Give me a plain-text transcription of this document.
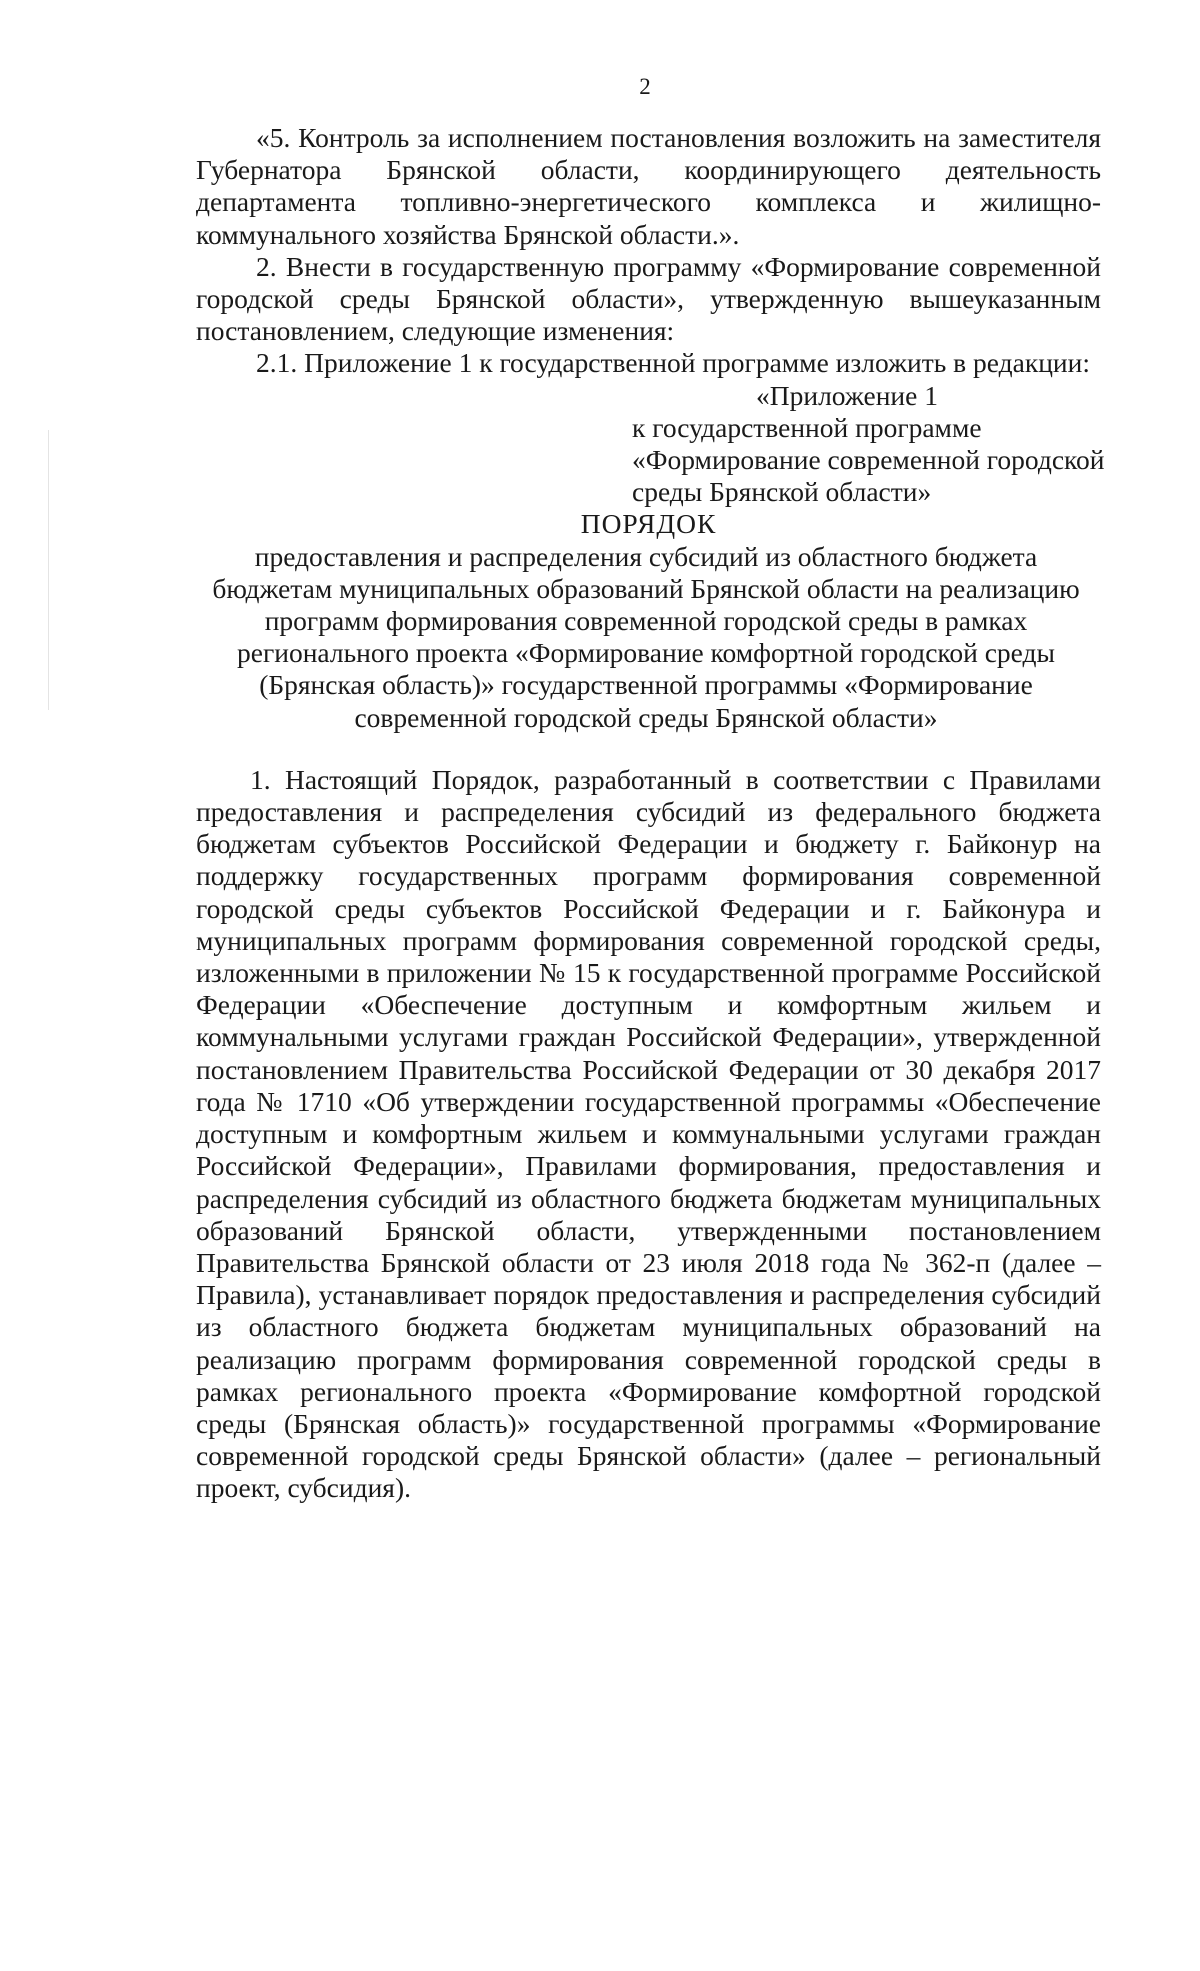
2

«5. Контроль за исполнением постановления возложить на заместителя Губернатора Брянской области, координирующего деятельность департамента топливно-энергетического комплекса и жилищно-коммунального хозяйства Брянской области.».

2. Внести в государственную программу «Формирование современной городской среды Брянской области», утвержденную вышеуказанным постановлением, следующие изменения:

2.1. Приложение 1 к государственной программе изложить в редакции:

«Приложение 1

к государственной программе «Формирование современной городской среды Брянской области»

ПОРЯДОК

предоставления и распределения субсидий из областного бюджета бюджетам муниципальных образований Брянской области на реализацию программ формирования современной городской среды в рамках регионального проекта «Формирование комфортной городской среды (Брянская область)» государственной программы «Формирование современной городской среды Брянской области»

1. Настоящий Порядок, разработанный в соответствии с Правилами предоставления и распределения субсидий из федерального бюджета бюджетам субъектов Российской Федерации и бюджету г. Байконур на поддержку государственных программ формирования современной городской среды субъектов Российской Федерации и г. Байконура и муниципальных программ формирования современной городской среды, изложенными в приложении № 15 к государственной программе Российской Федерации «Обеспечение доступным и комфортным жильем и коммунальными услугами граждан Российской Федерации», утвержденной постановлением Правительства Российской Федерации от 30 декабря 2017 года № 1710 «Об утверждении государственной программы «Обеспечение доступным и комфортным жильем и коммунальными услугами граждан Российской Федерации», Правилами формирования, предоставления и распределения субсидий из областного бюджета бюджетам муниципальных образований Брянской области, утвержденными постановлением Правительства Брянской области от 23 июля 2018 года № 362-п (далее – Правила), устанавливает порядок предоставления и распределения субсидий из областного бюджета бюджетам муниципальных образований на реализацию программ формирования современной городской среды в рамках регионального проекта «Формирование комфортной городской среды (Брянская область)» государственной программы «Формирование современной городской среды Брянской области» (далее – региональный проект, субсидия).
